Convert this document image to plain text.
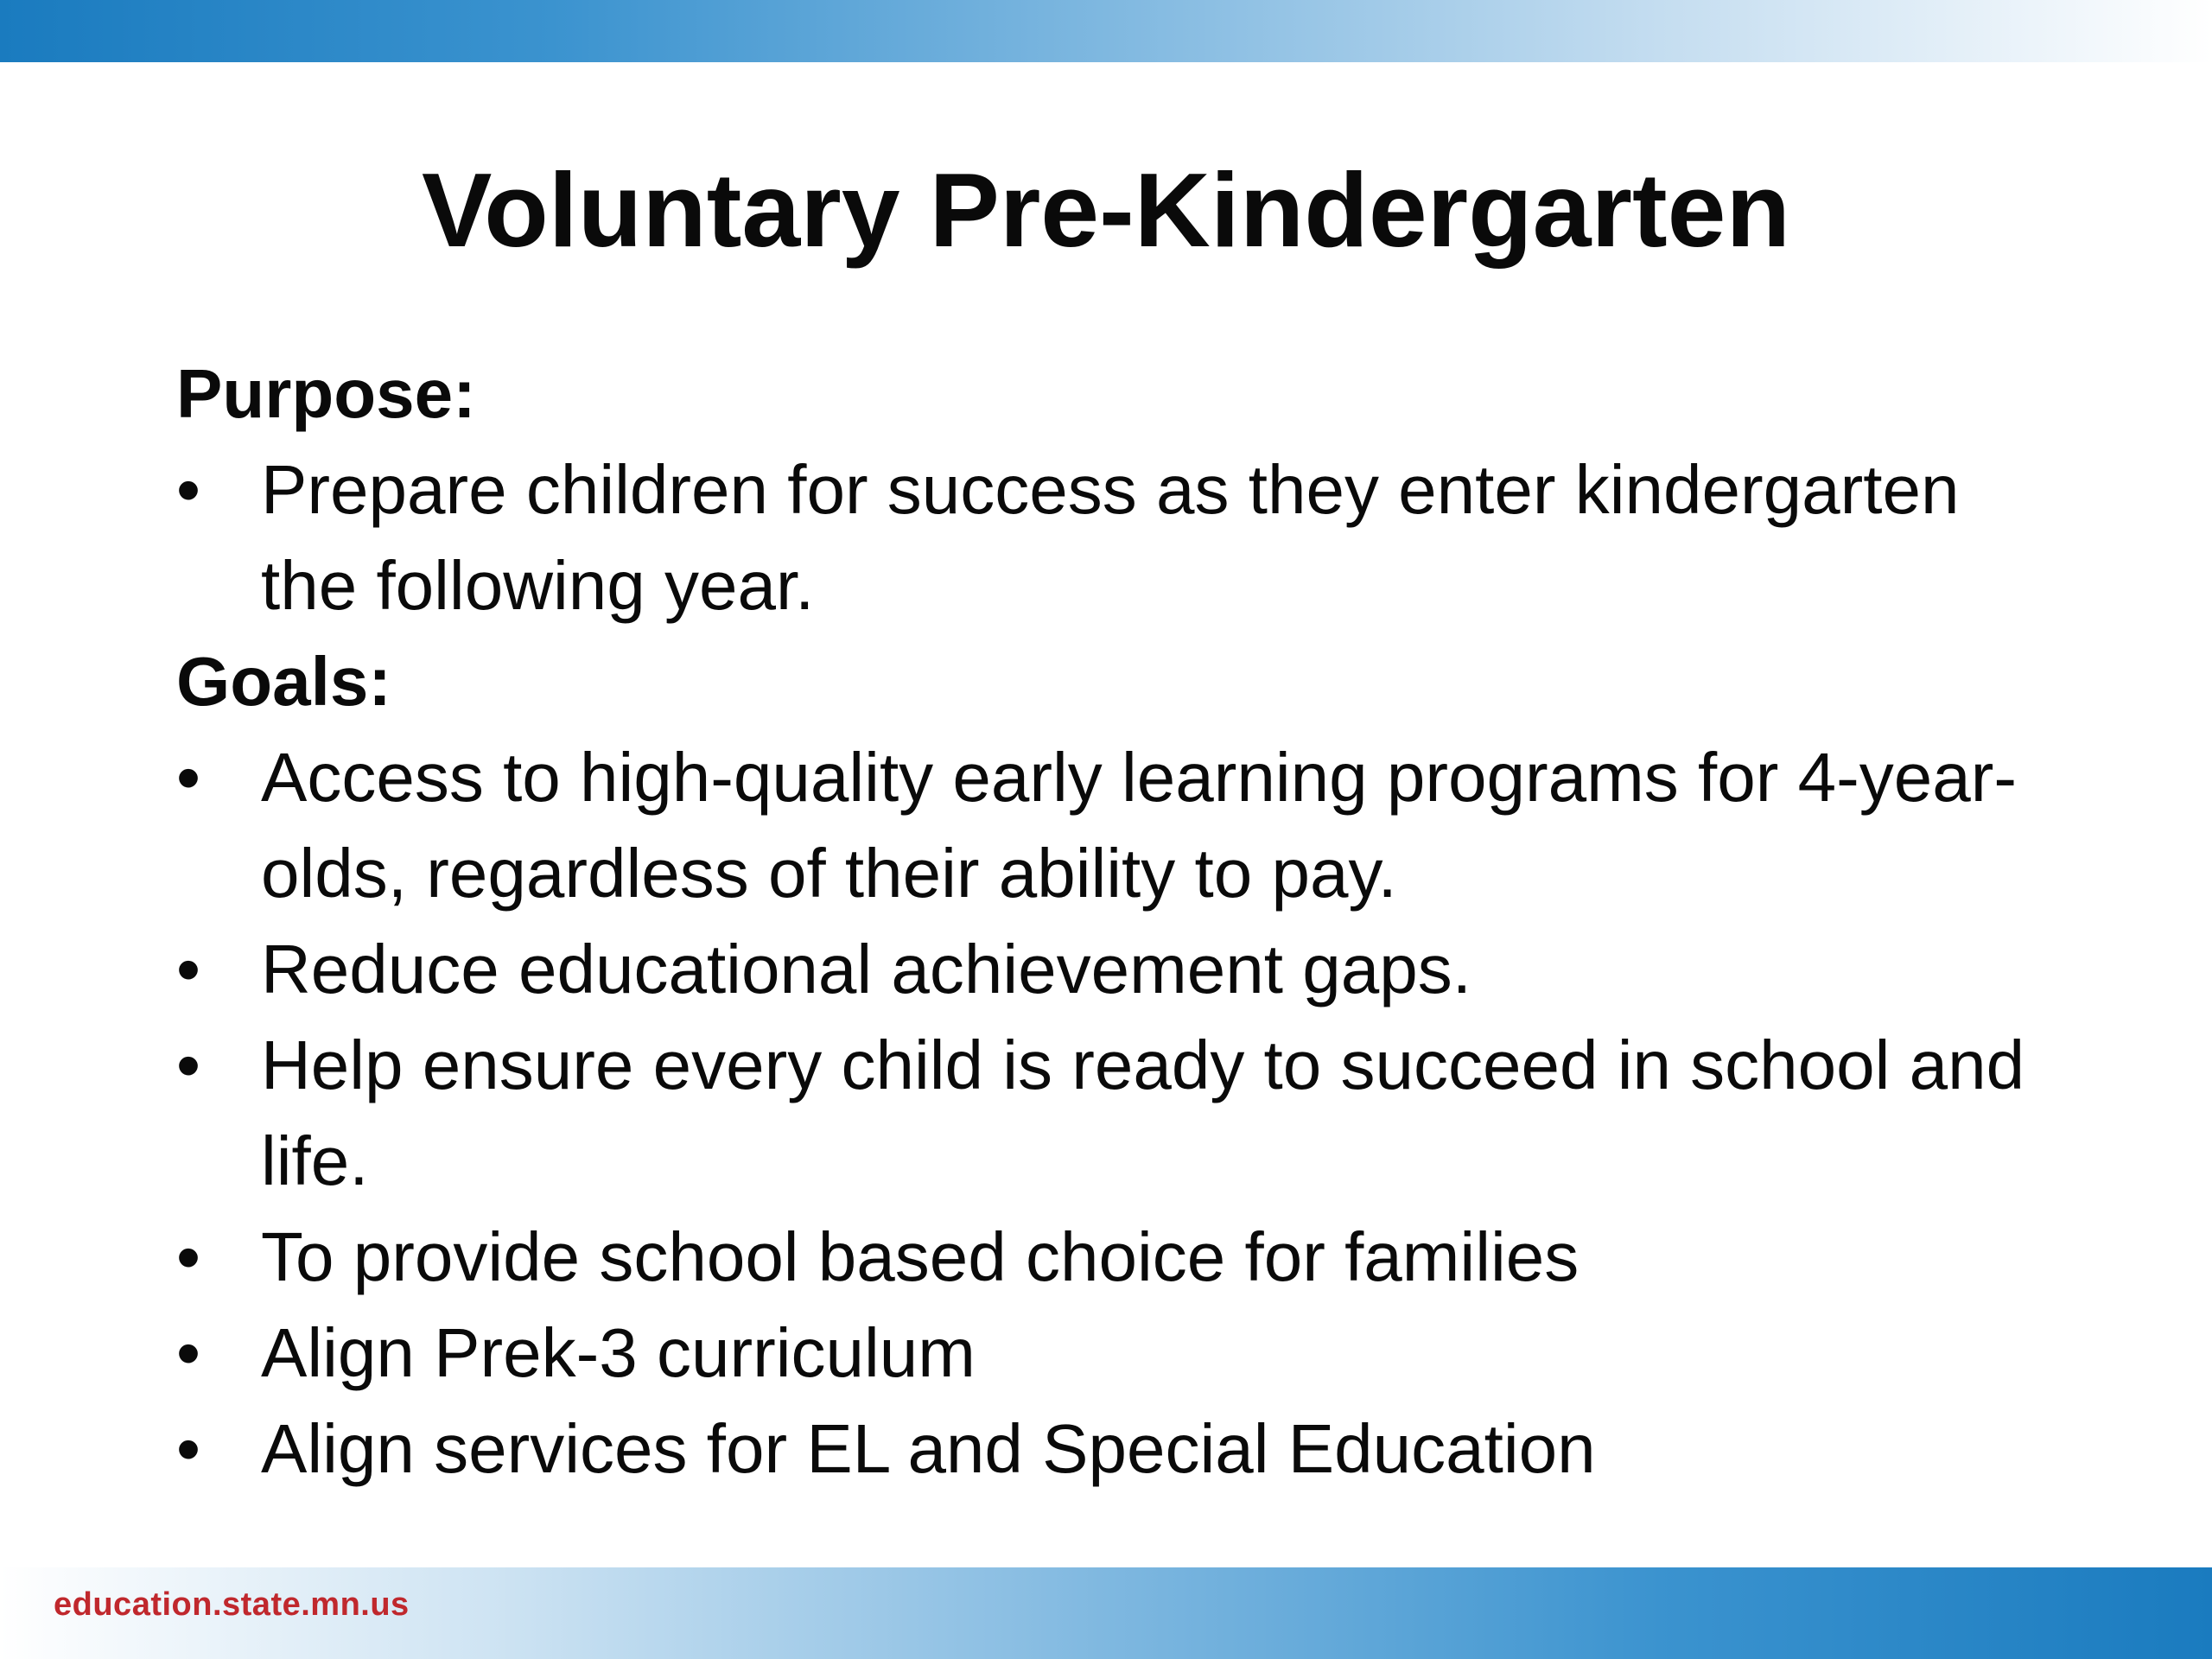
Voluntary Pre-Kindergarten

Purpose:

• Prepare children for success as they enter kindergarten the following year.

Goals:

• Access to high-quality early learning programs for 4-year-olds, regardless of their ability to pay.
• Reduce educational achievement gaps.
• Help ensure every child is ready to succeed in school and life.
• To provide school based choice for families
• Align Prek-3 curriculum
• Align services for EL and Special Education
education.state.mn.us
